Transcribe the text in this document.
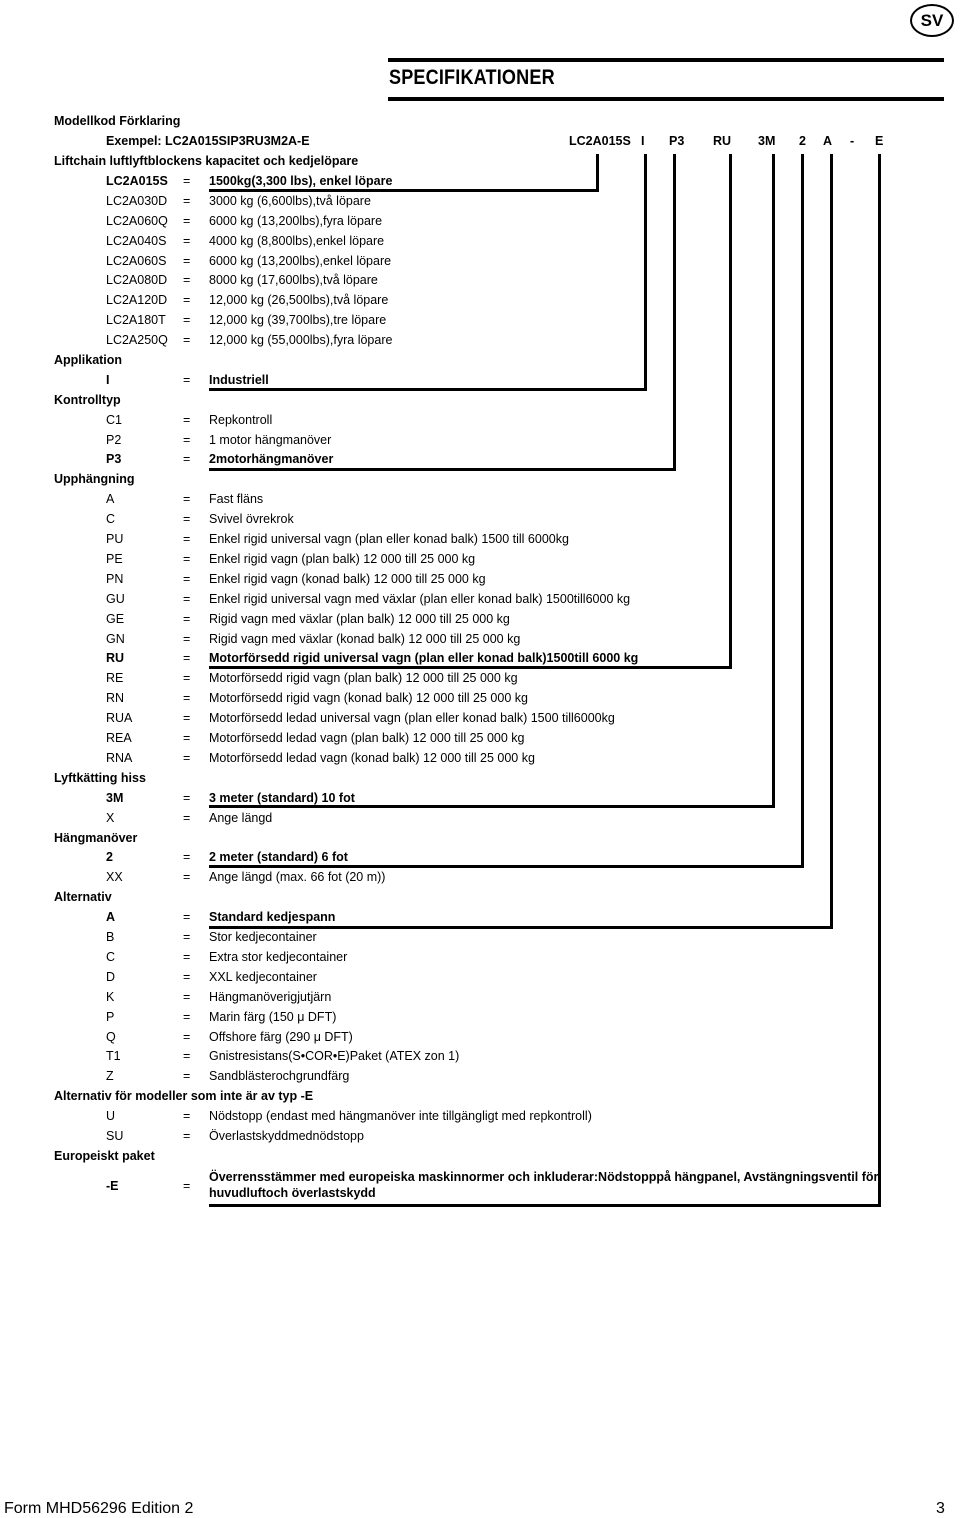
SV
SPECIFIKATIONER
Modellkod Förklaring
Exempel: LC2A015SIP3RU3M2A-E	LC2A015S I P3 RU 3M 2 A - E
Liftchain luftlyftblockens kapacitet och kedjelöpare
LC2A015S = 1500kg(3,300 lbs), enkel löpare
LC2A030D = 3000 kg (6,600lbs),två löpare
LC2A060Q = 6000 kg (13,200lbs),fyra löpare
LC2A040S = 4000 kg (8,800lbs),enkel löpare
LC2A060S = 6000 kg (13,200lbs),enkel löpare
LC2A080D = 8000 kg (17,600lbs),två löpare
LC2A120D = 12,000 kg (26,500lbs),två löpare
LC2A180T = 12,000 kg (39,700lbs),tre löpare
LC2A250Q = 12,000 kg (55,000lbs),fyra löpare
Applikation
I	= Industriell
Kontrolltyp
C1	= Repkontroll
P2	= 1 motor hängmanöver
P3	= 2motorhängmanöver
Upphängning
A	= Fast fläns
C	= Svivel övrekrok
PU	= Enkel rigid universal vagn (plan eller konad balk) 1500 till 6000kg
PE	= Enkel rigid vagn (plan balk) 12 000 till 25 000 kg
PN	= Enkel rigid vagn (konad balk) 12 000 till 25 000 kg
GU	= Enkel rigid universal vagn med växlar (plan eller konad balk) 1500till6000 kg
GE	= Rigid vagn med växlar (plan balk) 12 000 till 25 000 kg
GN	= Rigid vagn med växlar (konad balk) 12 000 till 25 000 kg
RU	= Motorförsedd rigid universal vagn (plan eller konad balk)1500till 6000 kg
RE	= Motorförsedd rigid vagn (plan balk) 12 000 till 25 000 kg
RN	= Motorförsedd rigid vagn (konad balk) 12 000 till 25 000 kg
RUA	= Motorförsedd ledad universal vagn (plan eller konad balk) 1500 till6000kg
REA	= Motorförsedd ledad vagn (plan balk) 12 000 till 25 000 kg
RNA	= Motorförsedd ledad vagn (konad balk) 12 000 till 25 000 kg
Lyftkätting hiss
3M	= 3 meter (standard) 10 fot
X	= Ange längd
Hängmanöver
2	= 2 meter (standard) 6 fot
XX	= Ange längd (max. 66 fot (20 m))
Alternativ
A	= Standard kedjespann
B	= Stor kedjecontainer
C	= Extra stor kedjecontainer
D	= XXL kedjecontainer
K	= Hängmanöverigjutjärn
P	= Marin färg (150 μ DFT)
Q	= Offshore färg (290 μ DFT)
T1	= Gnistresistans(S•COR•E)Paket (ATEX zon 1)
Z	= Sandblästerochgrundfärg
Alternativ för modeller som inte är av typ -E
U	= Nödstopp (endast med hängmanöver inte tillgängligt med repkontroll)
SU	= Överlastskyddmednödstopp
Europeiskt paket
-E	=
Överrensstämmer med europeiska maskinnormer och inkluderar:Nödstopppå hängpanel, Avstängningsventil för
huvudluftoch överlastskydd
Form MHD56296 Edition 2	3
